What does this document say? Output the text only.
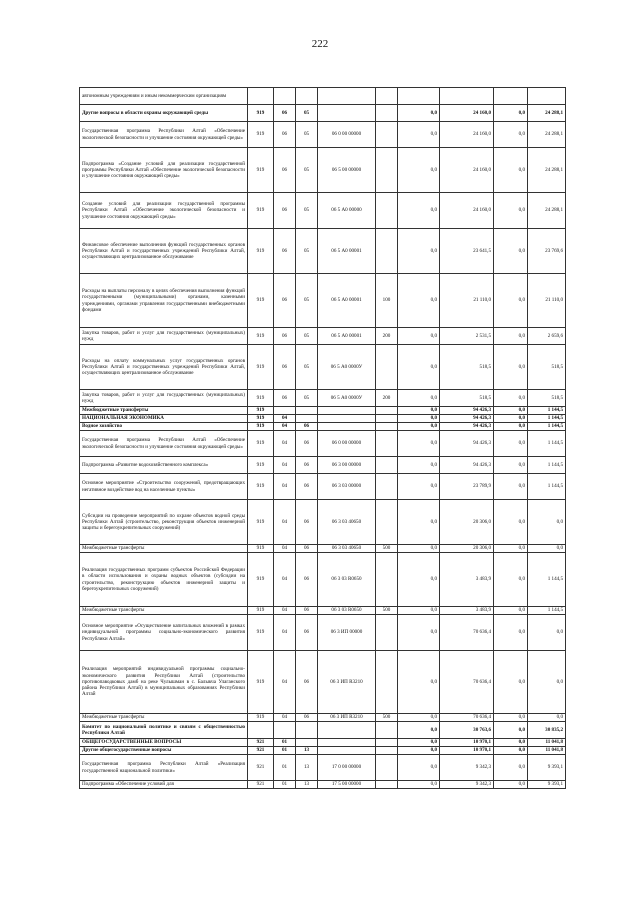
222
автономным учреждениям и иным некоммерческим организациям									
Другие вопросы в области охраны окружающей среды	919	06	05			0,0	24 160,0	0,0	24 288,1
Государственная программа Республики Алтай «Обеспечение экологической безопасности и улучшение состояния окружающей среды»	919	06	05	06 0 00 00000		0,0	24 160,0	0,0	24 288,1
Подпрограмма «Создание условий для реализации государственной программы Республики Алтай «Обеспечение экологической безопасности и улучшение состояния окружающей среды»	919	06	05	06 5 00 00000		0,0	24 160,0	0,0	24 288,1
Создание условий для реализации государственной программы Республики Алтай «Обеспечение экологической безопасности и улучшение состояния окружающей среды»	919	06	05	06 5 А0 00000		0,0	24 160,0	0,0	24 288,1
Финансовое обеспечение выполнения функций государственных органов Республики Алтай и государственных учреждений Республики Алтай, осуществляющих централизованное обслуживание	919	06	05	06 5 А0 00001		0,0	23 641,5	0,0	23 769,6
Расходы на выплаты персоналу в целях обеспечения выполнения функций государственными (муниципальными) органами, казенными учреждениями, органами управления государственными внебюджетными фондами	919	06	05	06 5 А0 00001	100	0,0	21 110,0	0,0	21 110,0
Закупка товаров, работ и услуг для государственных (муниципальных) нужд	919	06	05	06 5 А0 00001	200	0,0	2 531,5	0,0	2 659,6
Расходы на оплату коммунальных услуг государственных органов Республики Алтай и государственных учреждений Республики Алтай, осуществляющих централизованное обслуживание	919	06	05	06 5 А0 0000У		0,0	518,5	0,0	518,5
Закупка товаров, работ и услуг для государственных (муниципальных) нужд	919	06	05	06 5 А0 0000У	200	0,0	518,5	0,0	518,5
Межбюджетные трансферты	919					0,0	94 426,3	0,0	1 144,5
НАЦИОНАЛЬНАЯ ЭКОНОМИКА	919	04				0,0	94 426,3	0,0	1 144,5
Водное хозяйство	919	04	06			0,0	94 426,3	0,0	1 144,5
Государственная программа Республики Алтай «Обеспечение экологической безопасности и улучшение состояния окружающей среды»	919	04	06	06 0 00 00000		0,0	94 426,3	0,0	1 144,5
Подпрограмма «Развитие водохозяйственного комплекса»	919	04	06	06 3 00 00000		0,0	94 426,3	0,0	1 144,5
Основное мероприятие «Строительство сооружений, предотвращающих негативное воздействие вод на населенные пункты»	919	04	06	06 3 03 00000		0,0	23 789,9	0,0	1 144,5
Субсидии на проведение мероприятий по охране объектов водной среды Республики Алтай (строительство, реконструкция объектов инженерной защиты и берегоукрепительных сооружений)	919	04	06	06 3 03 40650		0,0	20 306,0	0,0	0,0
Межбюджетные трансферты	919	04	06	06 3 03 40650	500	0,0	20 306,0	0,0	0,0
Реализация государственных программ субъектов Российской Федерации в области использования и охраны водных объектов (субсидии на строительство, реконструкцию объектов инженерной защиты и берегоукрепительных сооружений)	919	04	06	06 3 03 R0650		0,0	3 483,9	0,0	1 144,5
Межбюджетные трансферты	919	04	06	06 3 03 R0650	500	0,0	3 483,9	0,0	1 144,5
Основное мероприятие «Осуществление капитальных вложений в рамках индивидуальной программы социально-экономического развития Республики Алтай»	919	04	06	06 3 ИП 00000		0,0	70 636,4	0,0	0,0
Реализация мероприятий индивидуальной программы социально-экономического развития Республики Алтай (строительство противопаводковых дамб на реке Чулышман в с. Балыкча Улаганского района Республики Алтай) в муниципальных образованиях Республики Алтай	919	04	06	06 3 ИП R3210		0,0	70 636,4	0,0	0,0
Межбюджетные трансферты	919	04	06	06 3 ИП R3210	500	0,0	70 636,4	0,0	0,0
Комитет по национальной политике и связям с общественностью Республики Алтай						0,0	30 763,6	0,0	30 835,2
ОБЩЕГОСУДАРСТВЕННЫЕ ВОПРОСЫ	921	01				0,0	10 970,1	0,0	11 041,8
Другие общегосударственные вопросы	921	01	13			0,0	10 970,1	0,0	11 041,8
Государственная программа Республики Алтай «Реализация государственной национальной политики»	921	01	13	17 0 00 00000		0,0	9 342,3	0,0	9 393,1
Подпрограмма «Обеспечение условий для	921	01	13	17 5 00 00000		0,0	9 342,3	0,0	9 393,1
